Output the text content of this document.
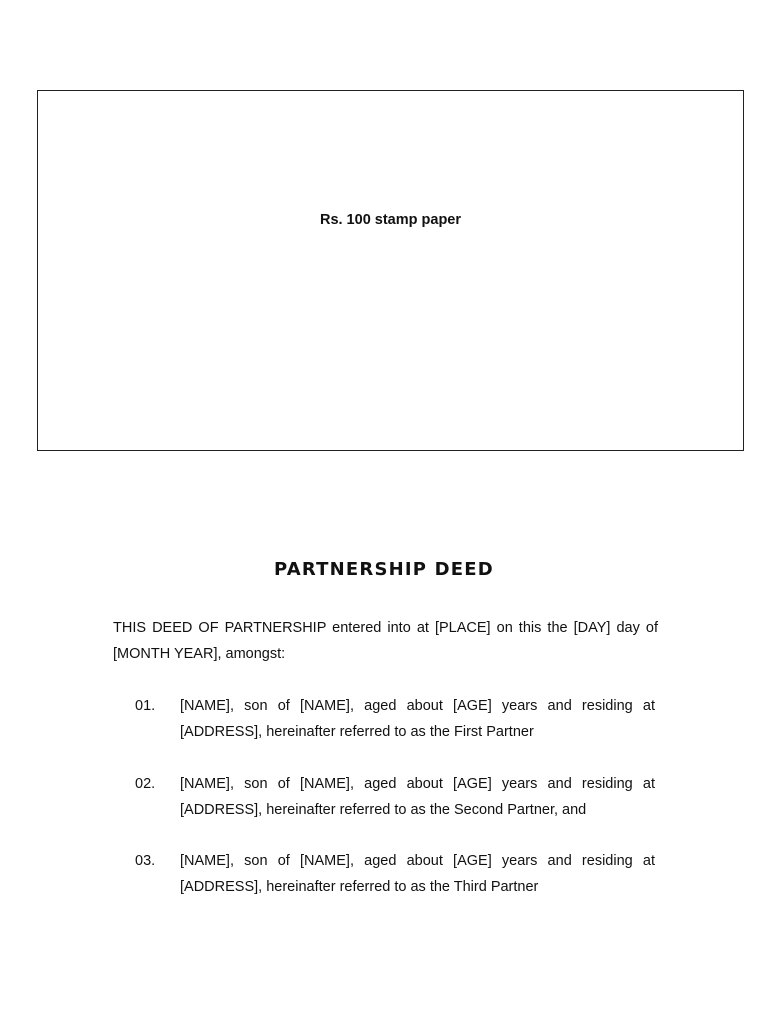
Rs. 100 stamp paper
PARTNERSHIP DEED
THIS DEED OF PARTNERSHIP entered into at [PLACE] on this the [DAY] day of [MONTH YEAR], amongst:
01.	[NAME], son of [NAME], aged about [AGE] years and residing at [ADDRESS], hereinafter referred to as the First Partner
02.	[NAME], son of [NAME], aged about [AGE] years and residing at [ADDRESS], hereinafter referred to as the Second Partner, and
03.	[NAME], son of [NAME], aged about [AGE] years and residing at [ADDRESS], hereinafter referred to as the Third Partner
